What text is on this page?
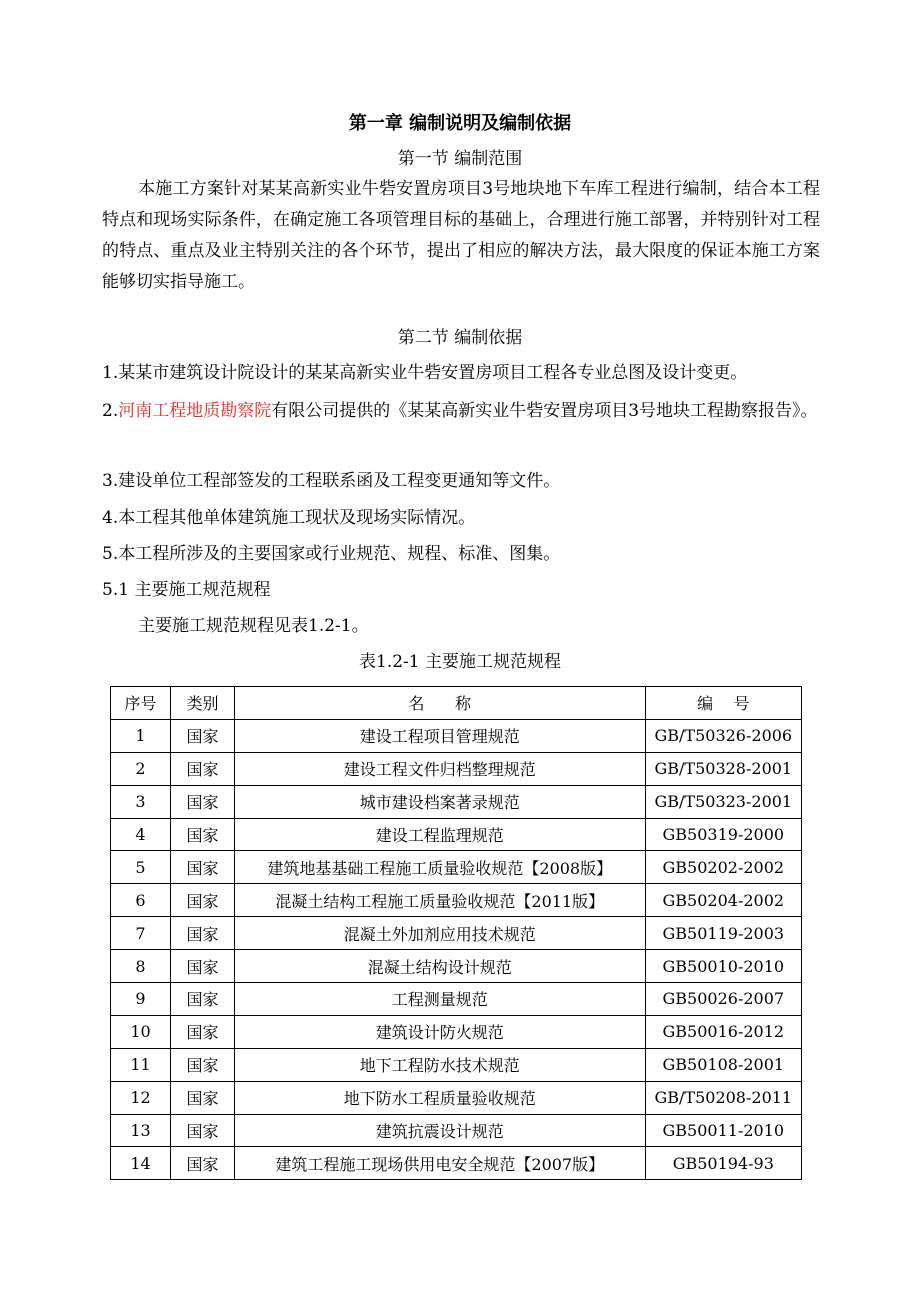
第一章 编制说明及编制依据
第一节 编制范围
本施工方案针对某某高新实业牛砦安置房项目3号地块地下车库工程进行编制，结合本工程特点和现场实际条件，在确定施工各项管理目标的基础上，合理进行施工部署，并特别针对工程的特点、重点及业主特别关注的各个环节，提出了相应的解决方法，最大限度的保证本施工方案能够切实指导施工。
第二节 编制依据
1.某某市建筑设计院设计的某某高新实业牛砦安置房项目工程各专业总图及设计变更。
2.河南工程地质勘察院有限公司提供的《某某高新实业牛砦安置房项目3号地块工程勘察报告》。
3.建设单位工程部签发的工程联系函及工程变更通知等文件。
4.本工程其他单体建筑施工现状及现场实际情况。
5.本工程所涉及的主要国家或行业规范、规程、标准、图集。
5.1 主要施工规范规程
主要施工规范规程见表1.2-1。
表1.2-1 主要施工规范规程
序号	类别	名      称	编    号
1	国家	建设工程项目管理规范	GB/T50326-2006
2	国家	建设工程文件归档整理规范	GB/T50328-2001
3	国家	城市建设档案著录规范	GB/T50323-2001
4	国家	建设工程监理规范	GB50319-2000
5	国家	建筑地基基础工程施工质量验收规范【2008版】	GB50202-2002
6	国家	混凝土结构工程施工质量验收规范【2011版】	GB50204-2002
7	国家	混凝土外加剂应用技术规范	GB50119-2003
8	国家	混凝土结构设计规范	GB50010-2010
9	国家	工程测量规范	GB50026-2007
10	国家	建筑设计防火规范	GB50016-2012
11	国家	地下工程防水技术规范	GB50108-2001
12	国家	地下防水工程质量验收规范	GB/T50208-2011
13	国家	建筑抗震设计规范	GB50011-2010
14	国家	建筑工程施工现场供用电安全规范【2007版】	GB50194-93
